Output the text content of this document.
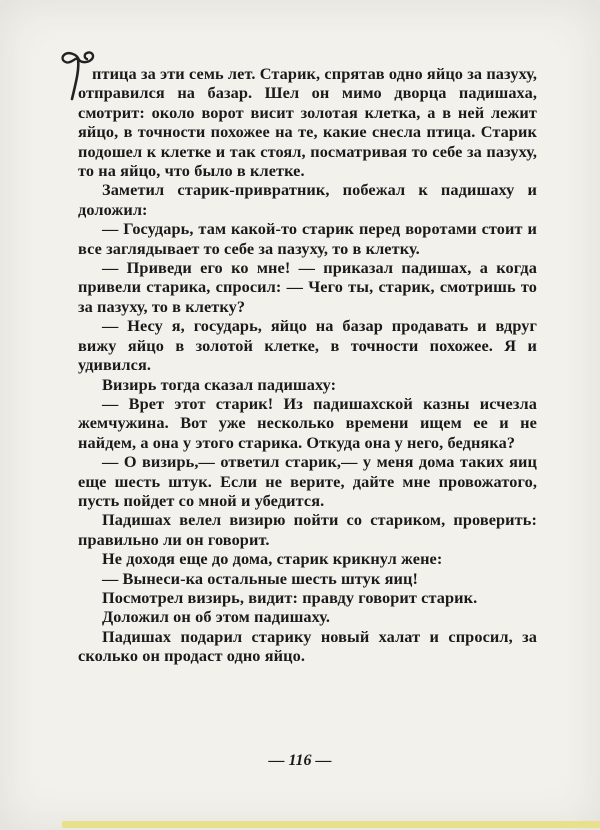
птица за эти семь лет. Старик, спрятав одно яйцо за пазуху, отправился на базар. Шел он мимо дворца падишаха, смотрит: около ворот висит золотая клетка, а в ней лежит яйцо, в точности похожее на те, какие снесла птица. Старик подошел к клетке и так стоял, посматривая то себе за пазуху, то на яйцо, что было в клетке.

Заметил старик-привратник, побежал к падишаху и доложил:

— Государь, там какой-то старик перед воротами стоит и все заглядывает то себе за пазуху, то в клетку.

— Приведи его ко мне! — приказал падишах, а когда привели старика, спросил: — Чего ты, старик, смотришь то за пазуху, то в клетку?

— Несу я, государь, яйцо на базар продавать и вдруг вижу яйцо в золотой клетке, в точности похожее. Я и удивился.

Визирь тогда сказал падишаху:

— Врет этот старик! Из падишахской казны исчезла жемчужина. Вот уже несколько времени ищем ее и не найдем, а она у этого старика. Откуда она у него, бедняка?

— О визирь,— ответил старик,— у меня дома таких яиц еще шесть штук. Если не верите, дайте мне провожатого, пусть пойдет со мной и убедится.

Падишах велел визирю пойти со стариком, проверить: правильно ли он говорит.

Не доходя еще до дома, старик крикнул жене:

— Вынеси-ка остальные шесть штук яиц!

Посмотрел визирь, видит: правду говорит старик.

Доложил он об этом падишаху.

Падишах подарил старику новый халат и спросил, за сколько он продаст одно яйцо.

— 116 —
